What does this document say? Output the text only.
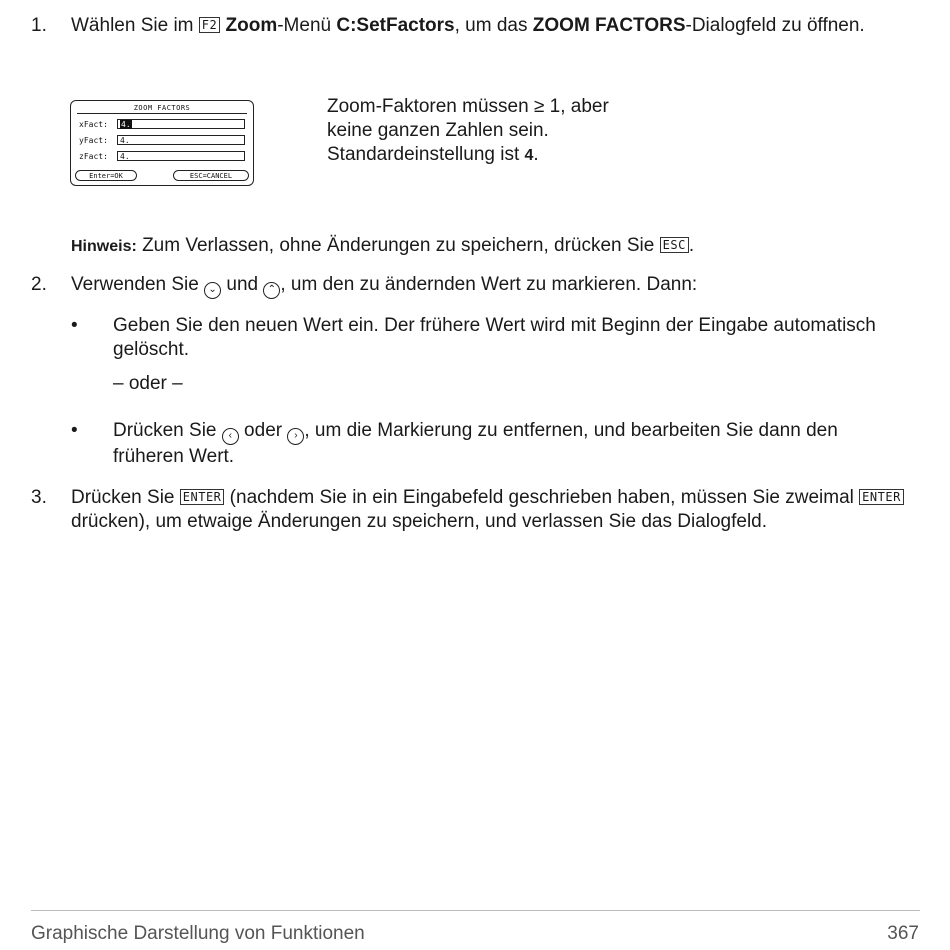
1. Wählen Sie im F2 Zoom-Menü C:SetFactors, um das ZOOM FACTORS-Dialogfeld zu öffnen.
ZOOM FACTORS
xFact:	4.
yFact:	4.
zFact:	4.
Enter=OK	ESC=CANCEL
Zoom-Faktoren müssen ≥ 1, aber
keine ganzen Zahlen sein.
Standardeinstellung ist 4.
Hinweis: Zum Verlassen, ohne Änderungen zu speichern, drücken Sie ESC .
2. Verwenden Sie ⌄ und ⌃ , um den zu ändernden Wert zu markieren. Dann:
• Geben Sie den neuen Wert ein. Der frühere Wert wird mit Beginn der Eingabe automatisch gelöscht.
– oder –
• Drücken Sie ‹ oder › , um die Markierung zu entfernen, und bearbeiten Sie dann den früheren Wert.
3. Drücken Sie ENTER (nachdem Sie in ein Eingabefeld geschrieben haben, müssen Sie zweimal ENTER drücken), um etwaige Änderungen zu speichern, und verlassen Sie das Dialogfeld.
Graphische Darstellung von Funktionen	367
